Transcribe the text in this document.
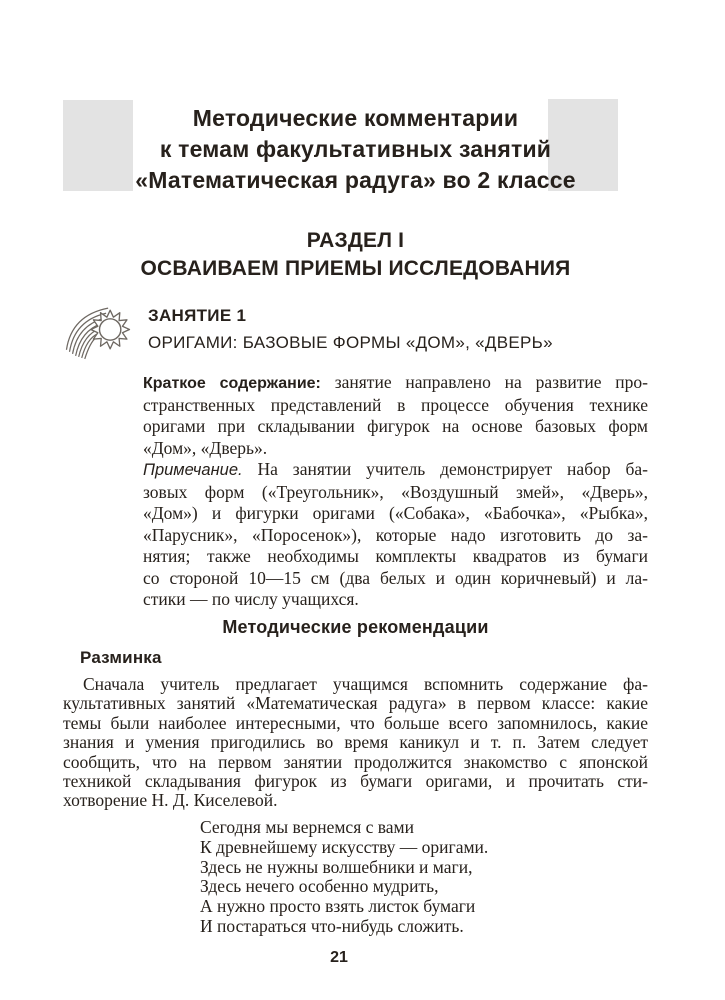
Методические комментарии
к темам факультативных занятий
«Математическая радуга» во 2 классе
РАЗДЕЛ I
ОСВАИВАЕМ ПРИЕМЫ ИССЛЕДОВАНИЯ
ЗАНЯТИЕ 1
ОРИГАМИ: БАЗОВЫЕ ФОРМЫ «ДОМ», «ДВЕРЬ»
Краткое содержание: занятие направлено на развитие про-
странственных представлений в процессе обучения технике
оригами при складывании фигурок на основе базовых форм
«Дом», «Дверь».
Примечание. На занятии учитель демонстрирует набор ба-
зовых форм («Треугольник», «Воздушный змей», «Дверь»,
«Дом») и фигурки оригами («Собака», «Бабочка», «Рыбка»,
«Парусник», «Поросенок»), которые надо изготовить до за-
нятия; также необходимы комплекты квадратов из бумаги
со стороной 10—15 см (два белых и один коричневый) и ла-
стики — по числу учащихся.
Методические рекомендации
Разминка
Сначала учитель предлагает учащимся вспомнить содержание фа-
культативных занятий «Математическая радуга» в первом классе: какие
темы были наиболее интересными, что больше всего запомнилось, какие
знания и умения пригодились во время каникул и т. п. Затем следует
сообщить, что на первом занятии продолжится знакомство с японской
техникой складывания фигурок из бумаги оригами, и прочитать сти-
хотворение Н. Д. Киселевой.
Сегодня мы вернемся с вами
К древнейшему искусству — оригами.
Здесь не нужны волшебники и маги,
Здесь нечего особенно мудрить,
А нужно просто взять листок бумаги
И постараться что-нибудь сложить.
21
